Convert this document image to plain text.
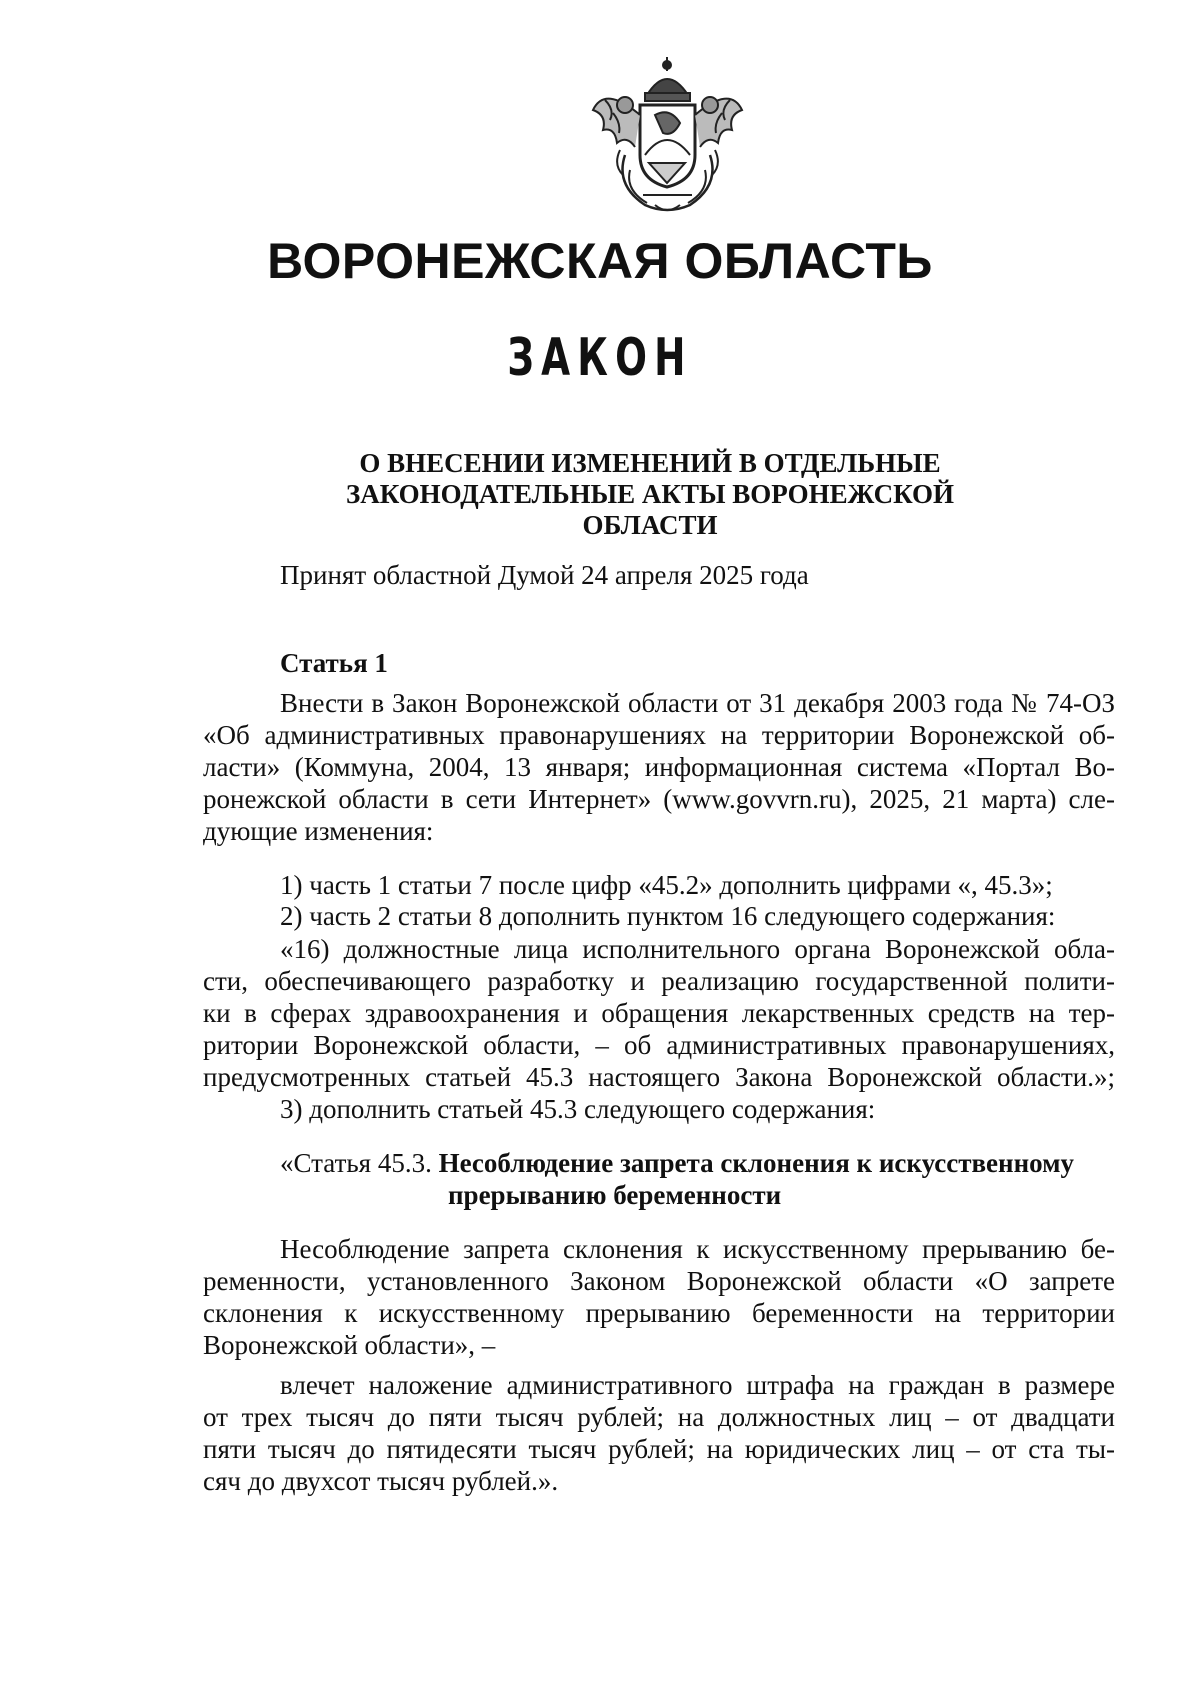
ВОРОНЕЖСКАЯ ОБЛАСТЬ
ЗАКОН
О ВНЕСЕНИИ ИЗМЕНЕНИЙ В ОТДЕЛЬНЫЕ
ЗАКОНОДАТЕЛЬНЫЕ АКТЫ ВОРОНЕЖСКОЙ
ОБЛАСТИ
Принят областной Думой 24 апреля 2025 года
Статья 1
Внести в Закон Воронежской области от 31 декабря 2003 года № 74-ОЗ
«Об административных правонарушениях на территории Воронежской об-
ласти» (Коммуна, 2004, 13 января; информационная система «Портал Во-
ронежской области в сети Интернет» (www.govvrn.ru), 2025, 21 марта) сле-
дующие изменения:
1) часть 1 статьи 7 после цифр «45.2» дополнить цифрами «, 45.3»;
2) часть 2 статьи 8 дополнить пунктом 16 следующего содержания:
«16) должностные лица исполнительного органа Воронежской обла-
сти, обеспечивающего разработку и реализацию государственной полити-
ки в сферах здравоохранения и обращения лекарственных средств на тер-
ритории Воронежской области, – об административных правонарушениях,
предусмотренных статьей 45.3 настоящего Закона Воронежской области.»;
3) дополнить статьей 45.3 следующего содержания:
«Статья 45.3. Несоблюдение запрета склонения к искусственному
прерыванию беременности
Несоблюдение запрета склонения к искусственному прерыванию бе-
ременности, установленного Законом Воронежской области «О запрете
склонения к искусственному прерыванию беременности на территории
Воронежской области», –
влечет наложение административного штрафа на граждан в размере
от трех тысяч до пяти тысяч рублей; на должностных лиц – от двадцати
пяти тысяч до пятидесяти тысяч рублей; на юридических лиц – от ста ты-
сяч до двухсот тысяч рублей.».
